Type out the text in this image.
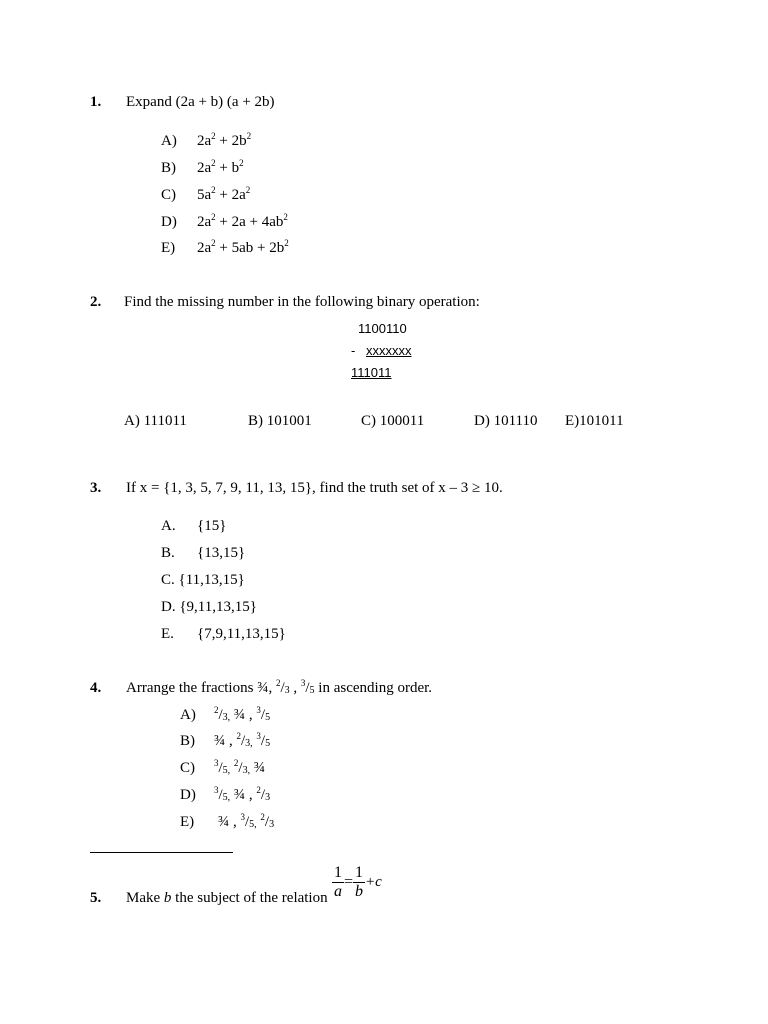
1. Expand (2a + b) (a + 2b)
A) $2a^2 + 2b^2$
B) $2a^2 + b^2$
C) $5a^2 + 2a^2$
D) $2a^2 + 2a + 4ab^2$
E) $2a^2 + 5ab + 2b^2$
2. Find the missing number in the following binary operation:
1100110
- xxxxxxx
111011
A) 111011	B) 101001	C) 100011	D) 101110 E)101011
3. If x = {1, 3, 5, 7, 9, 11, 13, 15}, find the truth set of x – 3 ≥ 10.
A. {15}
B. {13,15}
C. {11,13,15}
D. {9,11,13,15}
E. {7,9,11,13,15}
4. Arrange the fractions ¾, $^2/_3$ , $^3/_5$ in ascending order.
A) $^2/_{3,}$ ¾ , $^3/_5$
B) ¾ , $^2/_{3,}$ $^3/_5$
C) $^3/_{5,}$ $^2/_{3,}$ ¾
D) $^3/_{5,}$ ¾ , $^2/_3$
E) ¾ , $^3/_{5,}$ $^2/_3$
5. Make b the subject of the relation $\frac{1}{a} = \frac{1}{b} +c$
